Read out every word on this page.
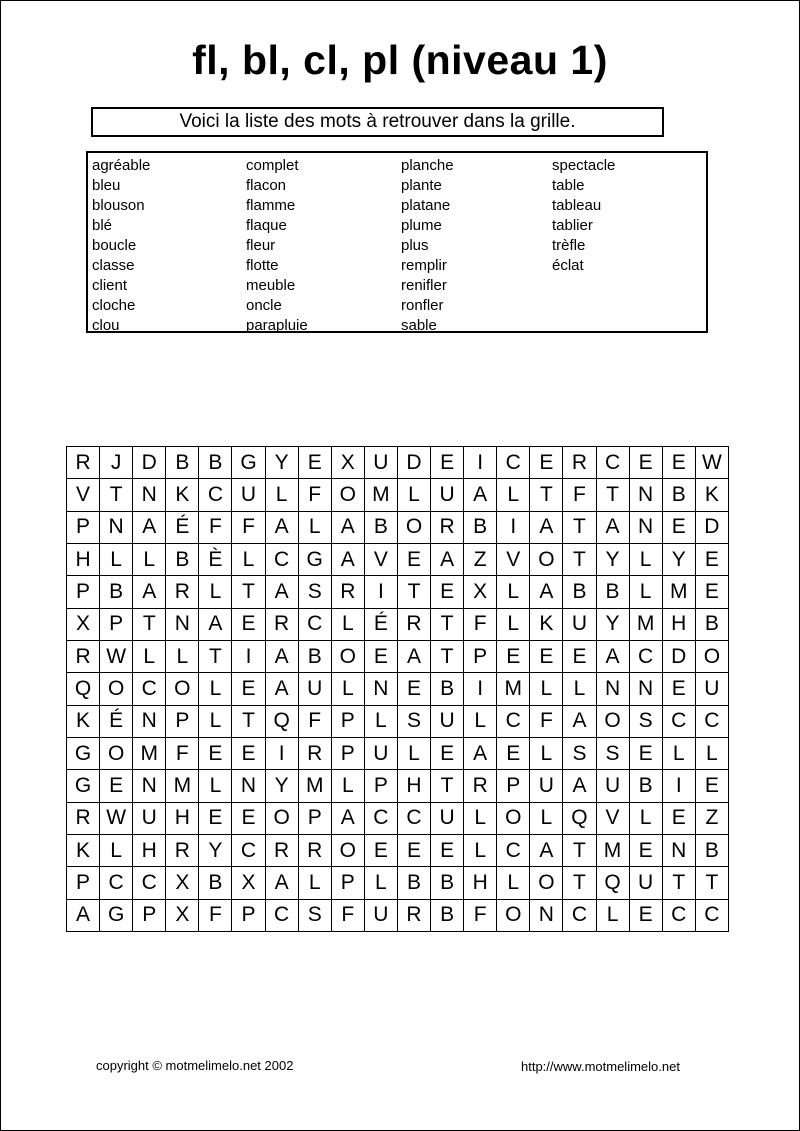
fl, bl, cl, pl (niveau 1)
Voici la liste des mots à retrouver dans la grille.
agréable
bleu
blouson
blé
boucle
classe
client
cloche
clou
complet
flacon
flamme
flaque
fleur
flotte
meuble
oncle
parapluie
planche
plante
platane
plume
plus
remplir
renifler
ronfler
sable
spectacle
table
tableau
tablier
trèfle
éclat
R	J	D	B	B	G	Y	E	X	U	D	E	I	C	E	R	C	E	E	W
V	T	N	K	C	U	L	F	O	M	L	U	A	L	T	F	T	N	B	K
P	N	A	É	F	F	A	L	A	B	O	R	B	I	A	T	A	N	E	D
H	L	L	B	È	L	C	G	A	V	E	A	Z	V	O	T	Y	L	Y	E
P	B	A	R	L	T	A	S	R	I	T	E	X	L	A	B	B	L	M	E
X	P	T	N	A	E	R	C	L	É	R	T	F	L	K	U	Y	M	H	B
R	W	L	L	T	I	A	B	O	E	A	T	P	E	E	E	A	C	D	O
Q	O	C	O	L	E	A	U	L	N	E	B	I	M	L	L	N	N	E	U
K	É	N	P	L	T	Q	F	P	L	S	U	L	C	F	A	O	S	C	C
G	O	M	F	E	E	I	R	P	U	L	E	A	E	L	S	S	E	L	L
G	E	N	M	L	N	Y	M	L	P	H	T	R	P	U	A	U	B	I	E
R	W	U	H	E	E	O	P	A	C	C	U	L	O	L	Q	V	L	E	Z
K	L	H	R	Y	C	R	R	O	E	E	E	L	C	A	T	M	E	N	B
P	C	C	X	B	X	A	L	P	L	B	B	H	L	O	T	Q	U	T	T
A	G	P	X	F	P	C	S	F	U	R	B	F	O	N	C	L	E	C	C
copyright © motmelimelo.net 2002	http://www.motmelimelo.net
